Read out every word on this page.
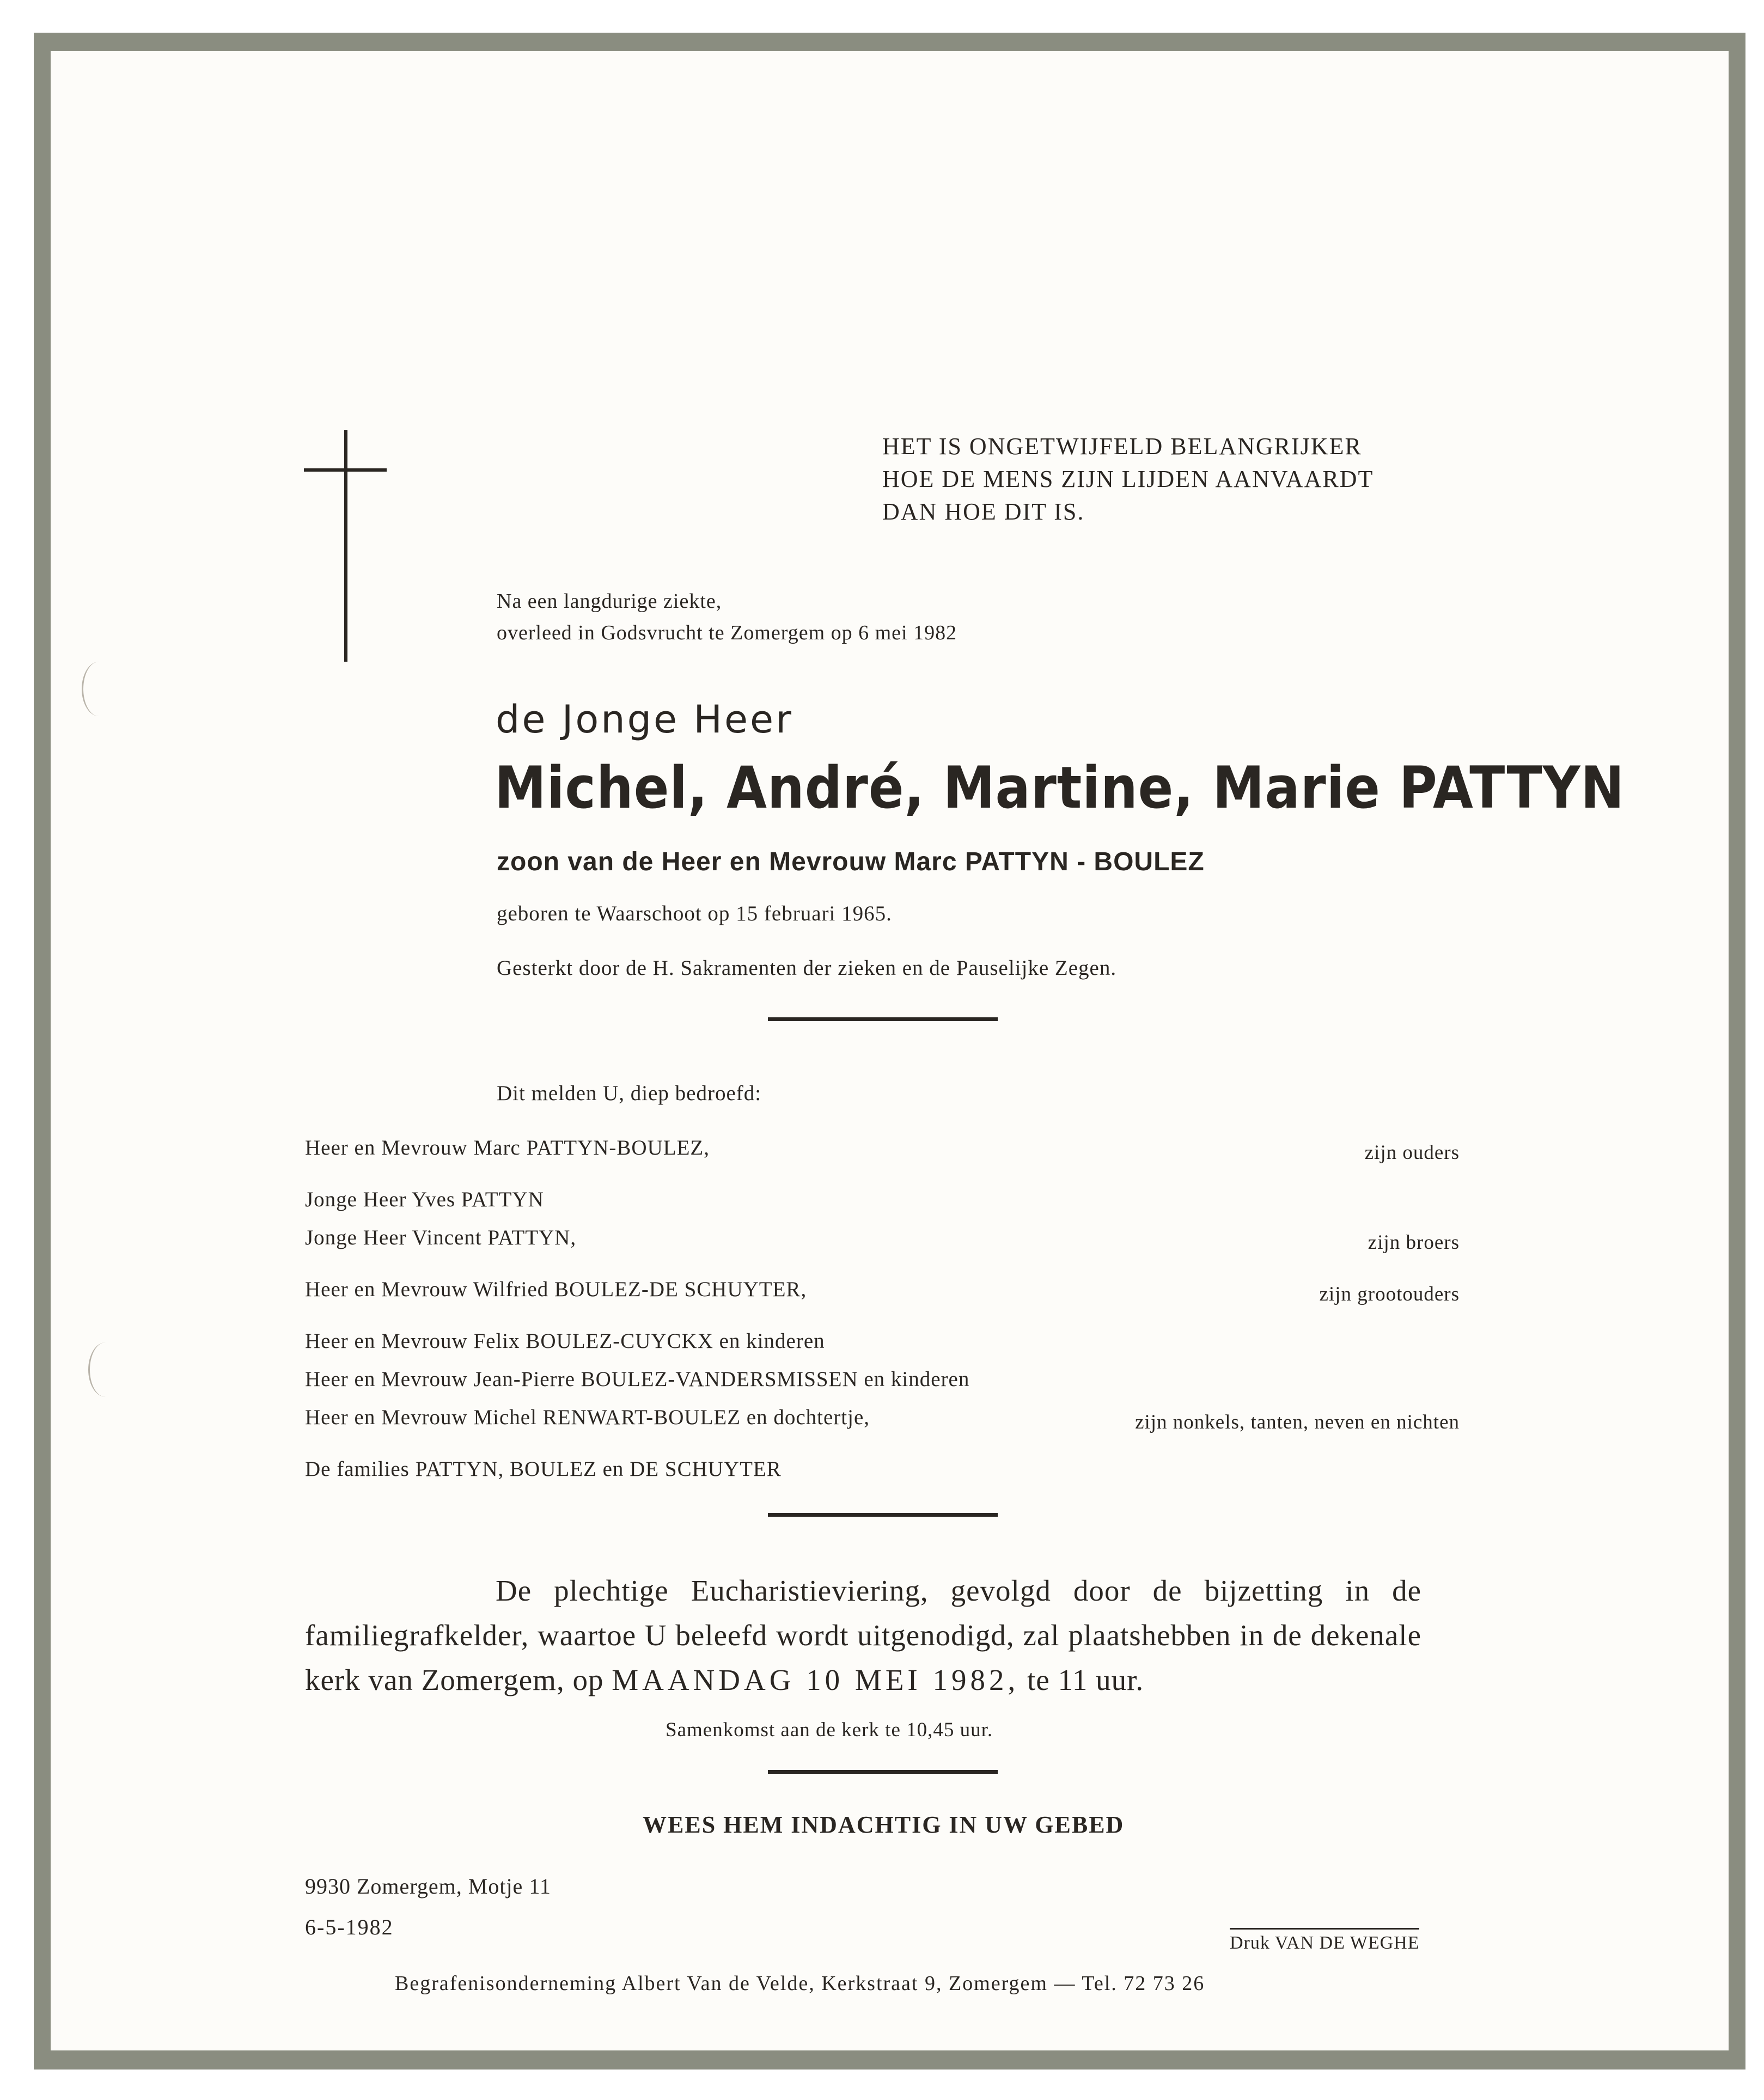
HET IS ONGETWIJFELD BELANGRIJKER
HOE DE MENS ZIJN LIJDEN AANVAARDT
DAN HOE DIT IS.
Na een langdurige ziekte,
overleed in Godsvrucht te Zomergem op 6 mei 1982
de Jonge Heer
Michel, André, Martine, Marie PATTYN
zoon van de Heer en Mevrouw Marc PATTYN - BOULEZ
geboren te Waarschoot op 15 februari 1965.
Gesterkt door de H. Sakramenten der zieken en de Pauselijke Zegen.
Dit melden U, diep bedroefd:
Heer en Mevrouw Marc PATTYN-BOULEZ,	zijn ouders
Jonge Heer Yves PATTYN
Jonge Heer Vincent PATTYN,	zijn broers
Heer en Mevrouw Wilfried BOULEZ-DE SCHUYTER,	zijn grootouders
Heer en Mevrouw Felix BOULEZ-CUYCKX en kinderen
Heer en Mevrouw Jean-Pierre BOULEZ-VANDERSMISSEN en kinderen
Heer en Mevrouw Michel RENWART-BOULEZ en dochtertje,	zijn nonkels, tanten, neven en nichten
De families PATTYN, BOULEZ en DE SCHUYTER
De plechtige Eucharistieviering, gevolgd door de bijzetting in de familiegrafkelder, waartoe U beleefd wordt uitgenodigd, zal plaatshebben in de dekenale kerk van Zomergem, op MAANDAG 10 MEI 1982, te 11 uur.
Samenkomst aan de kerk te 10,45 uur.
WEES HEM INDACHTIG IN UW GEBED
9930 Zomergem, Motje 11
6-5-1982
Druk VAN DE WEGHE
Begrafenisonderneming Albert Van de Velde, Kerkstraat 9, Zomergem — Tel. 72 73 26
